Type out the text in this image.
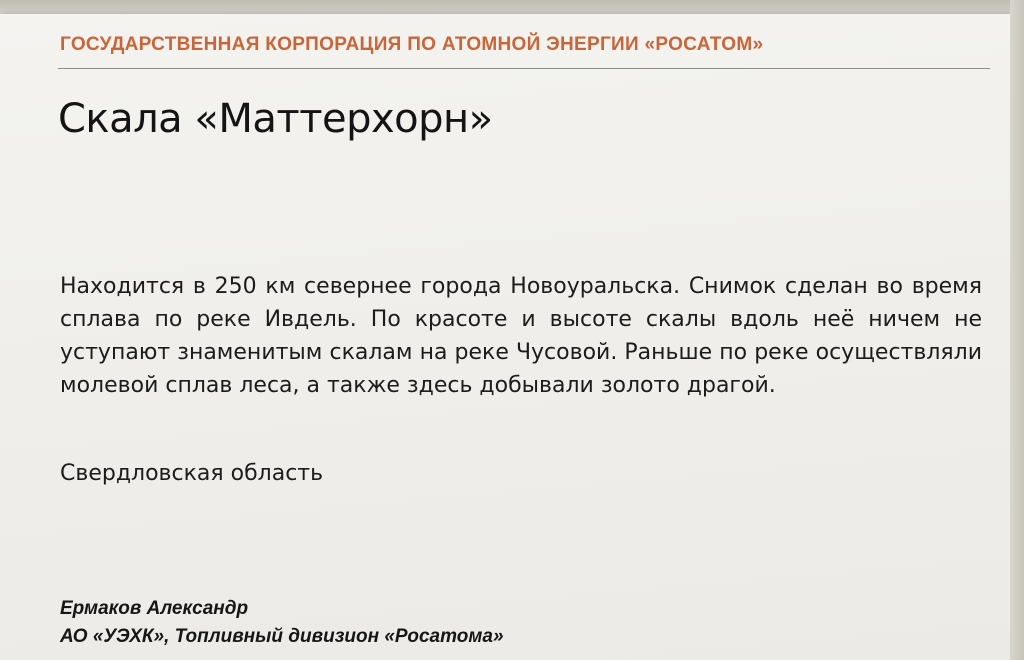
ГОСУДАРСТВЕННАЯ КОРПОРАЦИЯ ПО АТОМНОЙ ЭНЕРГИИ «РОСАТОМ»

Скала «Маттерхорн»

Находится в 250 км севернее города Новоуральска. Снимок сделан во время сплава по реке Ивдель. По красоте и высоте скалы вдоль неё ничем не уступают знаменитым скалам на реке Чусовой. Раньше по реке осуществляли молевой сплав леса, а также здесь добывали золото драгой.

Свердловская область

Ермаков Александр

АО «УЭХК», Топливный дивизион «Росатома»
